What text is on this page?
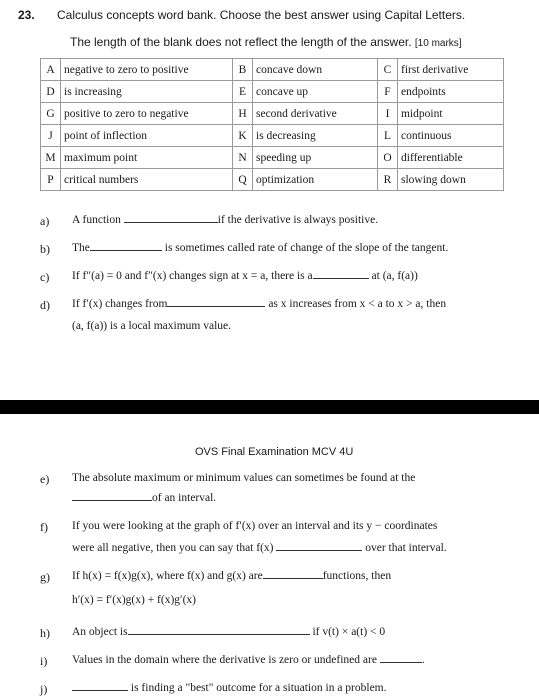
23. Calculus concepts word bank. Choose the best answer using Capital Letters.
The length of the blank does not reflect the length of the answer. [10 marks]
A	negative to zero to positive	B	concave down	C	first derivative
D	is increasing	E	concave up	F	endpoints
G	positive to zero to negative	H	second derivative	I	midpoint
J	point of inflection	K	is decreasing	L	continuous
M	maximum point	N	speeding up	O	differentiable
P	critical numbers	Q	optimization	R	slowing down
a) A function	if the derivative is always positive.
b) The	is sometimes called rate of change of the slope of the tangent.
c) If f″(a) = 0 and f″(x) changes sign at x = a, there is a	at (a, f(a))
d) If f′(x) changes from	as x increases from x < a to x > a, then
(a, f(a)) is a local maximum value.
OVS Final Examination MCV 4U
e) The absolute maximum or minimum values can sometimes be found at the
of an interval.
f) If you were looking at the graph of f′(x) over an interval and its y − coordinates
were all negative, then you can say that f(x)	over that interval.
g) If h(x) = f(x)g(x), where f(x) and g(x) are	functions, then
h′(x) = f′(x)g(x) + f(x)g′(x)
h) An object is	if v(t) × a(t) < 0
i) Values in the domain where the derivative is zero or undefined are	.
j)	is finding a "best" outcome for a situation in a problem.
